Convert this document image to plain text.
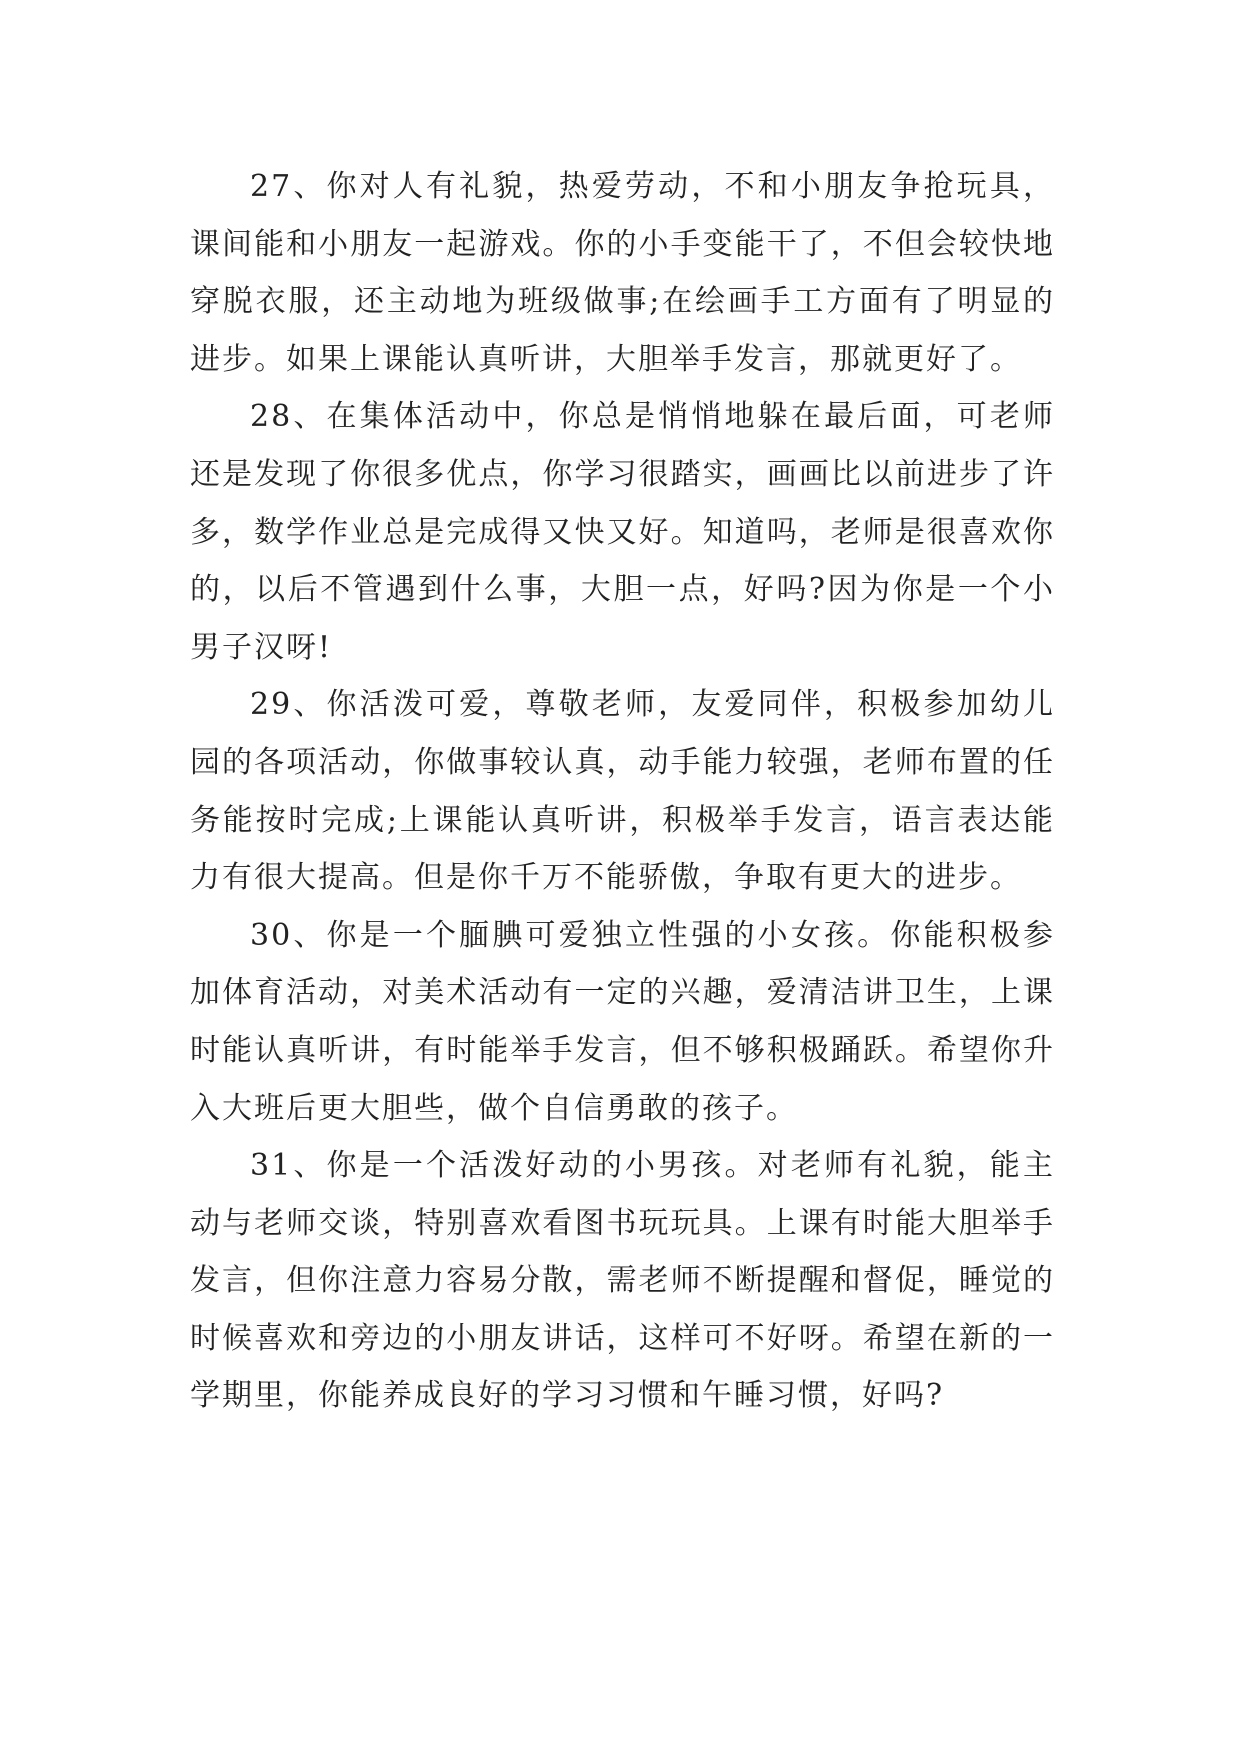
27、你对人有礼貌，热爱劳动，不和小朋友争抢玩具，课间能和小朋友一起游戏。你的小手变能干了，不但会较快地穿脱衣服，还主动地为班级做事;在绘画手工方面有了明显的进步。如果上课能认真听讲，大胆举手发言，那就更好了。

28、在集体活动中，你总是悄悄地躲在最后面，可老师还是发现了你很多优点，你学习很踏实，画画比以前进步了许多，数学作业总是完成得又快又好。知道吗，老师是很喜欢你的，以后不管遇到什么事，大胆一点，好吗?因为你是一个小男子汉呀!

29、你活泼可爱，尊敬老师，友爱同伴，积极参加幼儿园的各项活动，你做事较认真，动手能力较强，老师布置的任务能按时完成;上课能认真听讲，积极举手发言，语言表达能力有很大提高。但是你千万不能骄傲，争取有更大的进步。

30、你是一个腼腆可爱独立性强的小女孩。你能积极参加体育活动，对美术活动有一定的兴趣，爱清洁讲卫生，上课时能认真听讲，有时能举手发言，但不够积极踊跃。希望你升入大班后更大胆些，做个自信勇敢的孩子。

31、你是一个活泼好动的小男孩。对老师有礼貌，能主动与老师交谈，特别喜欢看图书玩玩具。上课有时能大胆举手发言，但你注意力容易分散，需老师不断提醒和督促，睡觉的时候喜欢和旁边的小朋友讲话，这样可不好呀。希望在新的一学期里，你能养成良好的学习习惯和午睡习惯，好吗?
